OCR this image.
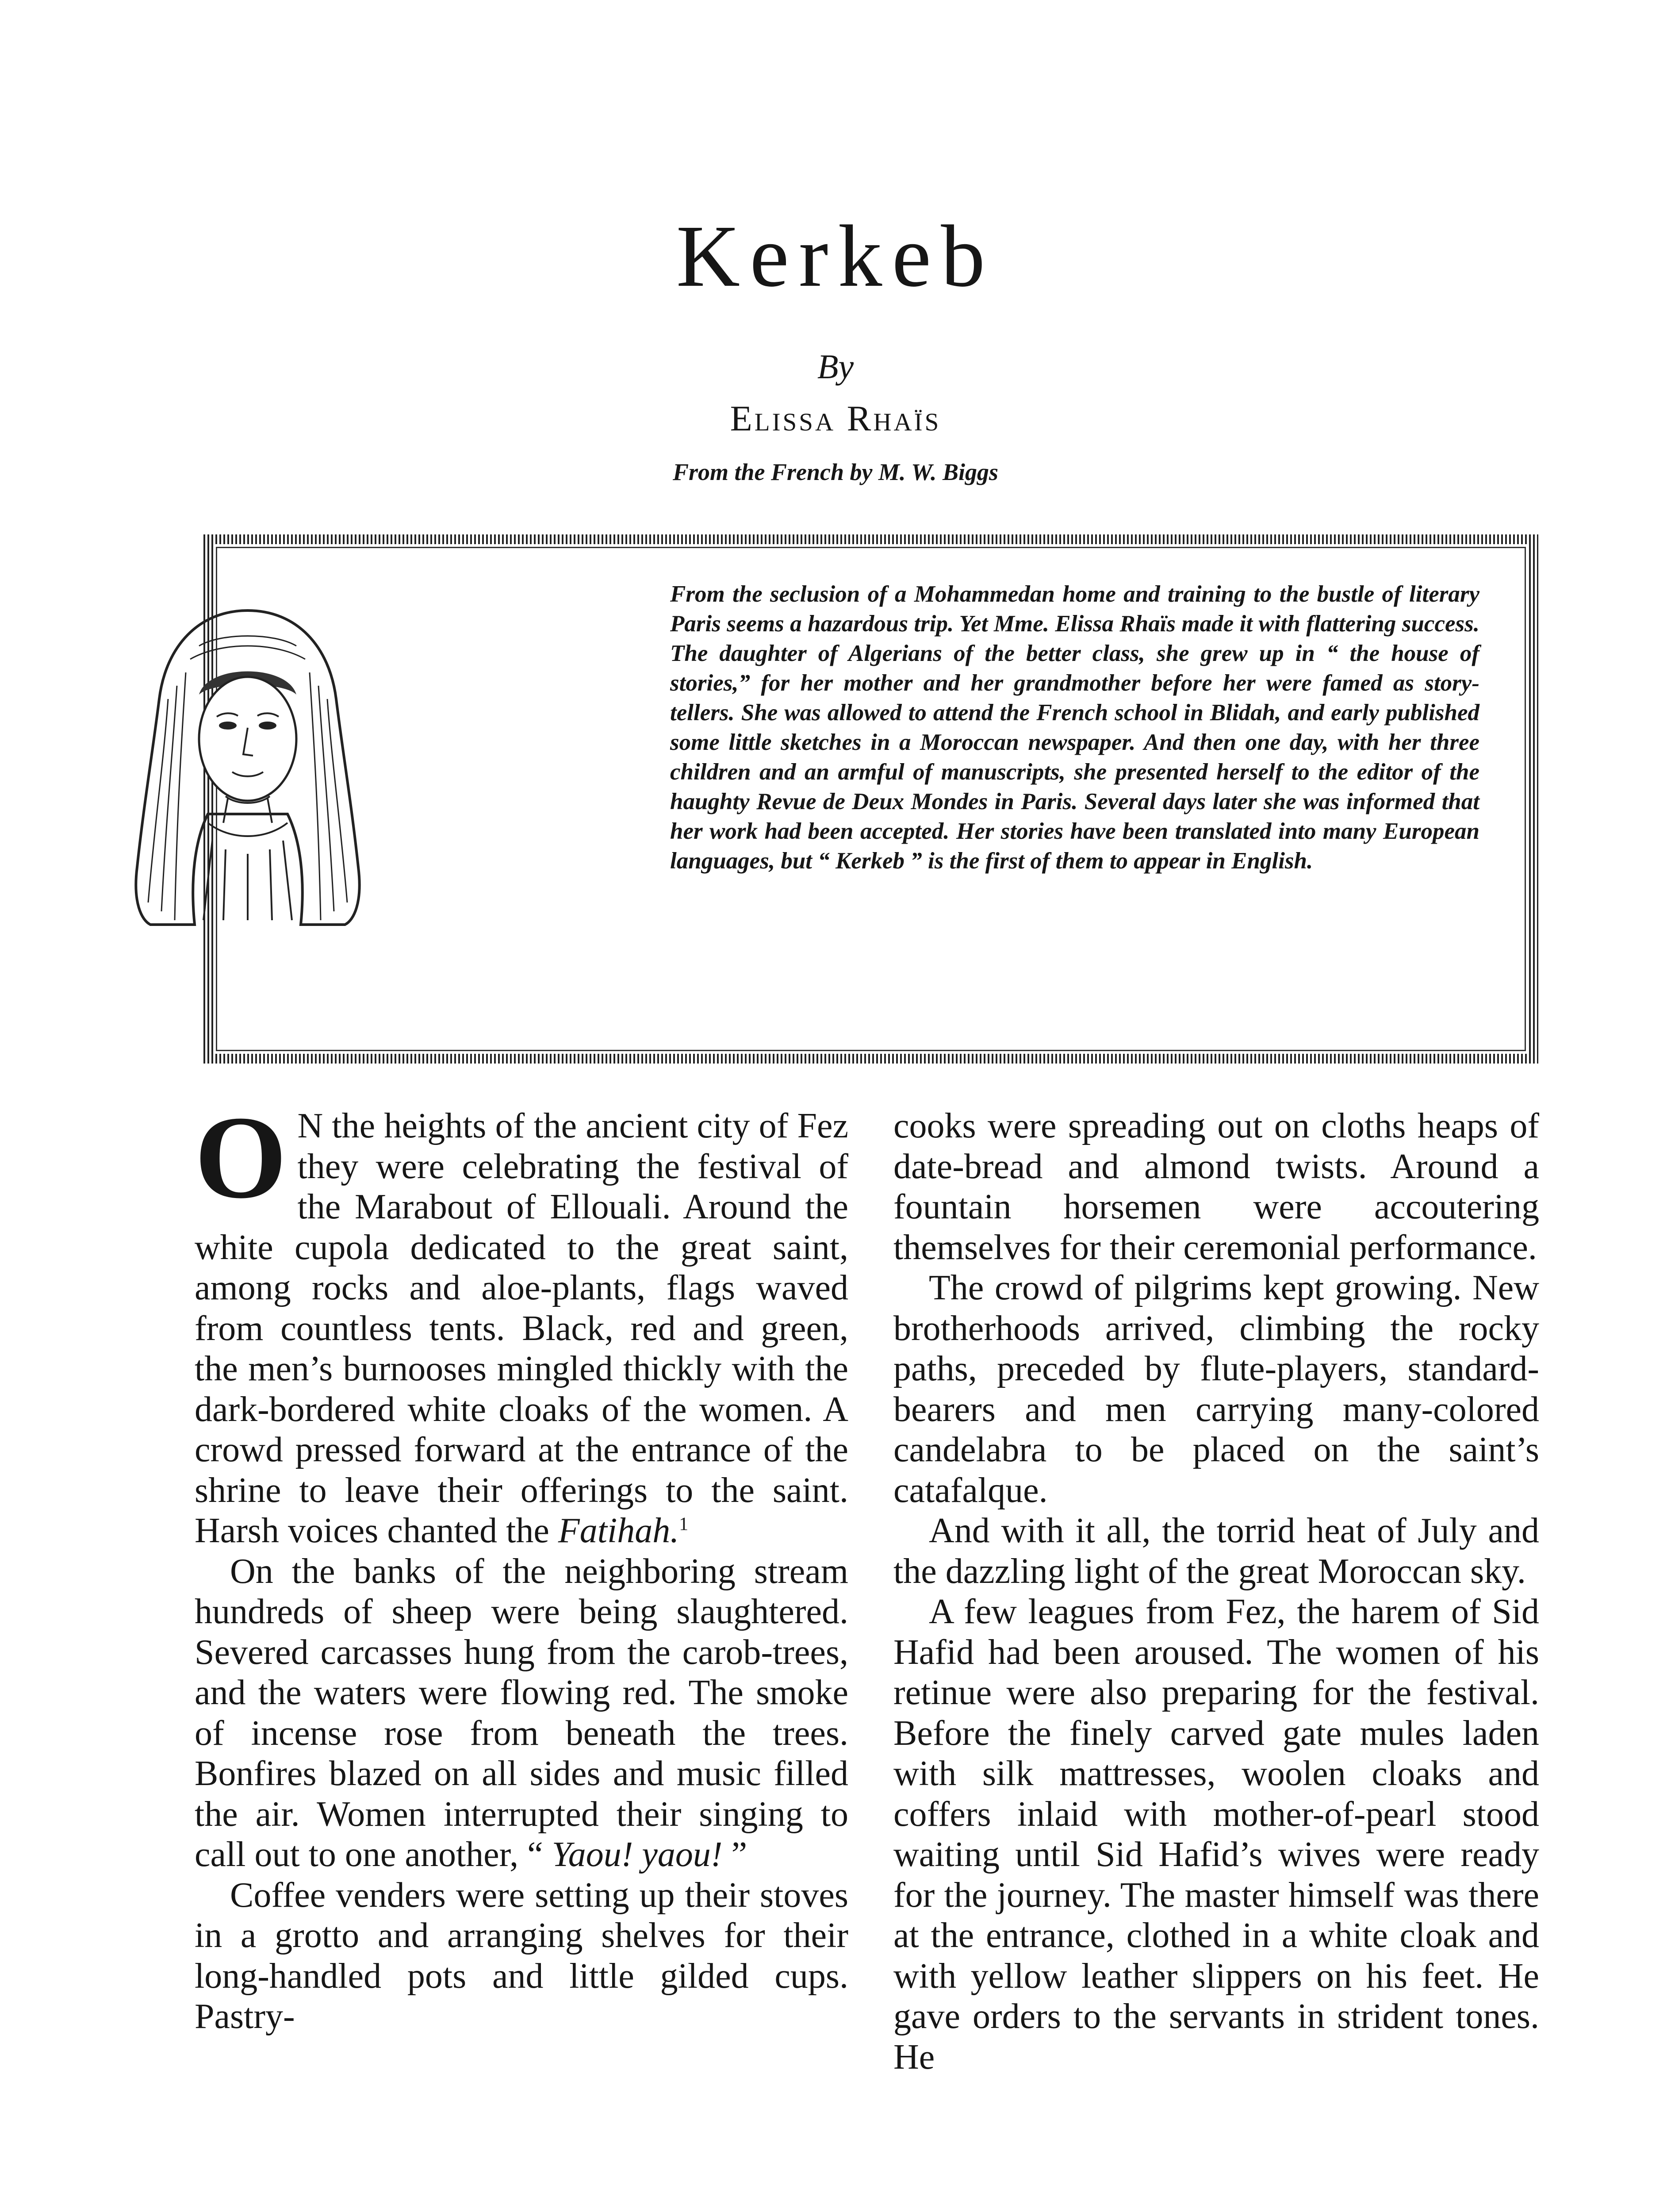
Kerkeb
By
Elissa Rhaïs
From the French by M. W. Biggs
From the seclusion of a Mohammedan home and training to the bustle of literary Paris seems a hazardous trip. Yet Mme. Elissa Rhaïs made it with flattering success. The daughter of Algerians of the better class, she grew up in “ the house of stories,” for her mother and her grandmother before her were famed as story-tellers. She was allowed to attend the French school in Blidah, and early published some little sketches in a Moroccan newspaper. And then one day, with her three children and an armful of manuscripts, she presented herself to the editor of the haughty Revue de Deux Mondes in Paris. Several days later she was informed that her work had been accepted. Her stories have been translated into many European languages, but “ Kerkeb ” is the first of them to appear in English.

O N the heights of the ancient city of Fez they were celebrating the festival of the Marabout of Ellouali. Around the white cupola dedicated to the great saint, among rocks and aloe-plants, flags waved from countless tents. Black, red and green, the men’s burnooses mingled thickly with the dark-bordered white cloaks of the women. A crowd pressed forward at the entrance of the shrine to leave their offerings to the saint. Harsh voices chanted the Fatihah.$^1$

On the banks of the neighboring stream hundreds of sheep were being slaughtered. Severed carcasses hung from the carob-trees, and the waters were flowing red. The smoke of incense rose from beneath the trees. Bonfires blazed on all sides and music filled the air. Women interrupted their singing to call out to one another, “ Yaou! yaou! ”

Coffee venders were setting up their stoves in a grotto and arranging shelves for their long-handled pots and little gilded cups. Pastry-

cooks were spreading out on cloths heaps of date-bread and almond twists. Around a fountain horsemen were accoutering themselves for their ceremonial performance.

The crowd of pilgrims kept growing. New brotherhoods arrived, climbing the rocky paths, preceded by flute-players, standard-bearers and men carrying many-colored candelabra to be placed on the saint’s catafalque.

And with it all, the torrid heat of July and the dazzling light of the great Moroccan sky.

A few leagues from Fez, the harem of Sid Hafid had been aroused. The women of his retinue were also preparing for the festival. Before the finely carved gate mules laden with silk mattresses, woolen cloaks and coffers inlaid with mother-of-pearl stood waiting until Sid Hafid’s wives were ready for the journey. The master himself was there at the entrance, clothed in a white cloak and with yellow leather slippers on his feet. He gave orders to the servants in strident tones. He
